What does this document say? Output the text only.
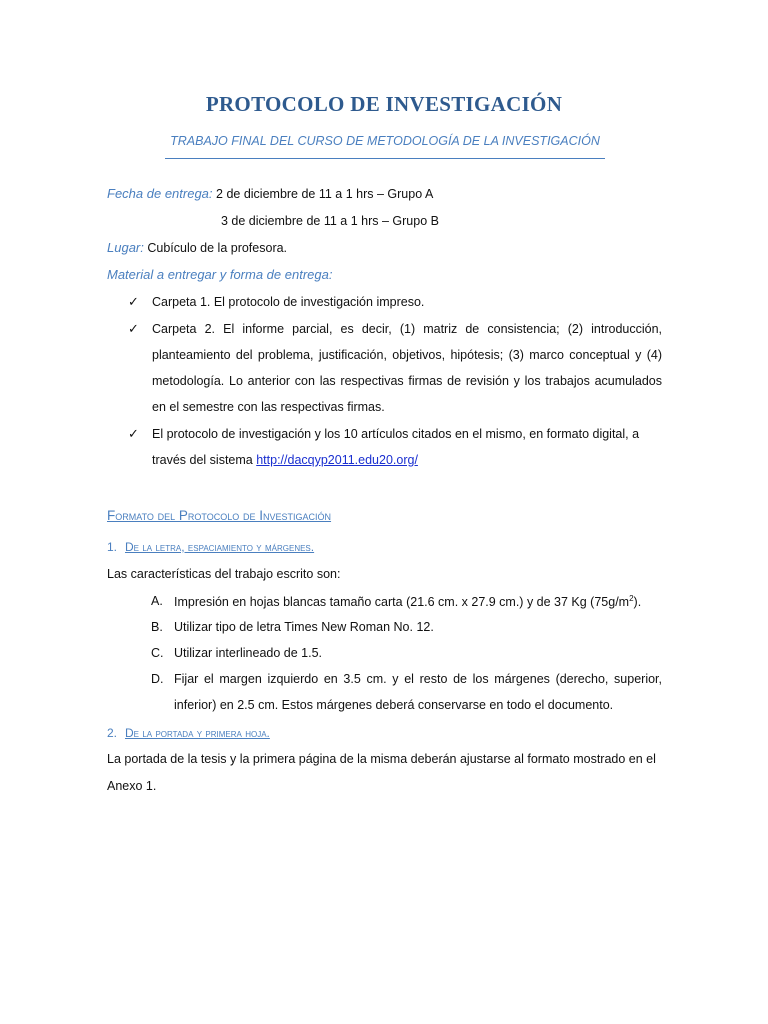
PROTOCOLO DE INVESTIGACIÓN
TRABAJO FINAL DEL CURSO DE METODOLOGÍA DE LA INVESTIGACIÓN
Fecha de entrega: 2 de diciembre de 11 a 1 hrs – Grupo A
3 de diciembre de 11 a 1 hrs – Grupo B
Lugar: Cubículo de la profesora.
Material a entregar y forma de entrega:
✓ Carpeta 1. El protocolo de investigación impreso.
✓ Carpeta 2. El informe parcial, es decir, (1) matriz de consistencia; (2) introducción, planteamiento del problema, justificación, objetivos, hipótesis; (3) marco conceptual y (4) metodología. Lo anterior con las respectivas firmas de revisión y los trabajos acumulados en el semestre con las respectivas firmas.
✓ El protocolo de investigación y los 10 artículos citados en el mismo, en formato digital, a través del sistema http://dacqyp2011.edu20.org/
Formato del Protocolo de Investigación
1. De la letra, espaciamiento y márgenes.
Las características del trabajo escrito son:
A. Impresión en hojas blancas tamaño carta (21.6 cm. x 27.9 cm.) y de 37 Kg $(75g/m^2)$.
B. Utilizar tipo de letra Times New Roman No. 12.
C. Utilizar interlineado de 1.5.
D. Fijar el margen izquierdo en 3.5 cm. y el resto de los márgenes (derecho, superior, inferior) en 2.5 cm. Estos márgenes deberá conservarse en todo el documento.
2. De la portada y primera hoja.
La portada de la tesis y la primera página de la misma deberán ajustarse al formato mostrado en el Anexo 1.
